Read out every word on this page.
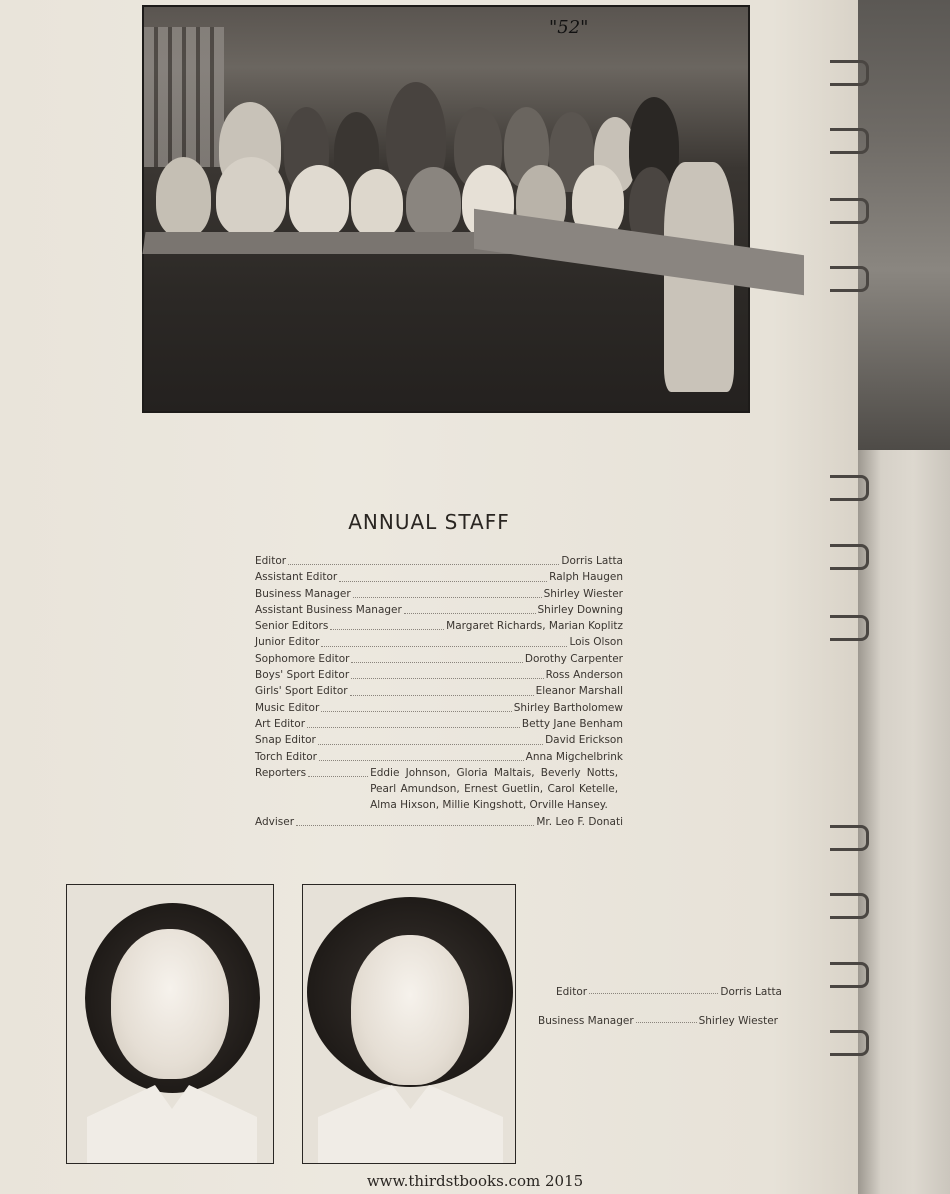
"52"
ANNUAL STAFF
Editor	Dorris Latta
Assistant Editor	Ralph Haugen
Business Manager	Shirley Wiester
Assistant Business Manager	Shirley Downing
Senior Editors	Margaret Richards, Marian Koplitz
Junior Editor	Lois Olson
Sophomore Editor	Dorothy Carpenter
Boys' Sport Editor	Ross Anderson
Girls' Sport Editor	Eleanor Marshall
Music Editor	Shirley Bartholomew
Art Editor	Betty Jane Benham
Snap Editor	David Erickson
Torch Editor	Anna Migchelbrink
Reporters	Eddie Johnson, Gloria Maltais, Beverly Notts, Pearl Amundson, Ernest Guetlin, Carol Ketelle, Alma Hixson, Millie Kingshott, Orville Hansey.
Adviser	Mr. Leo F. Donati
Editor	Dorris Latta
Business Manager	Shirley Wiester
www.thirdstbooks.com 2015
